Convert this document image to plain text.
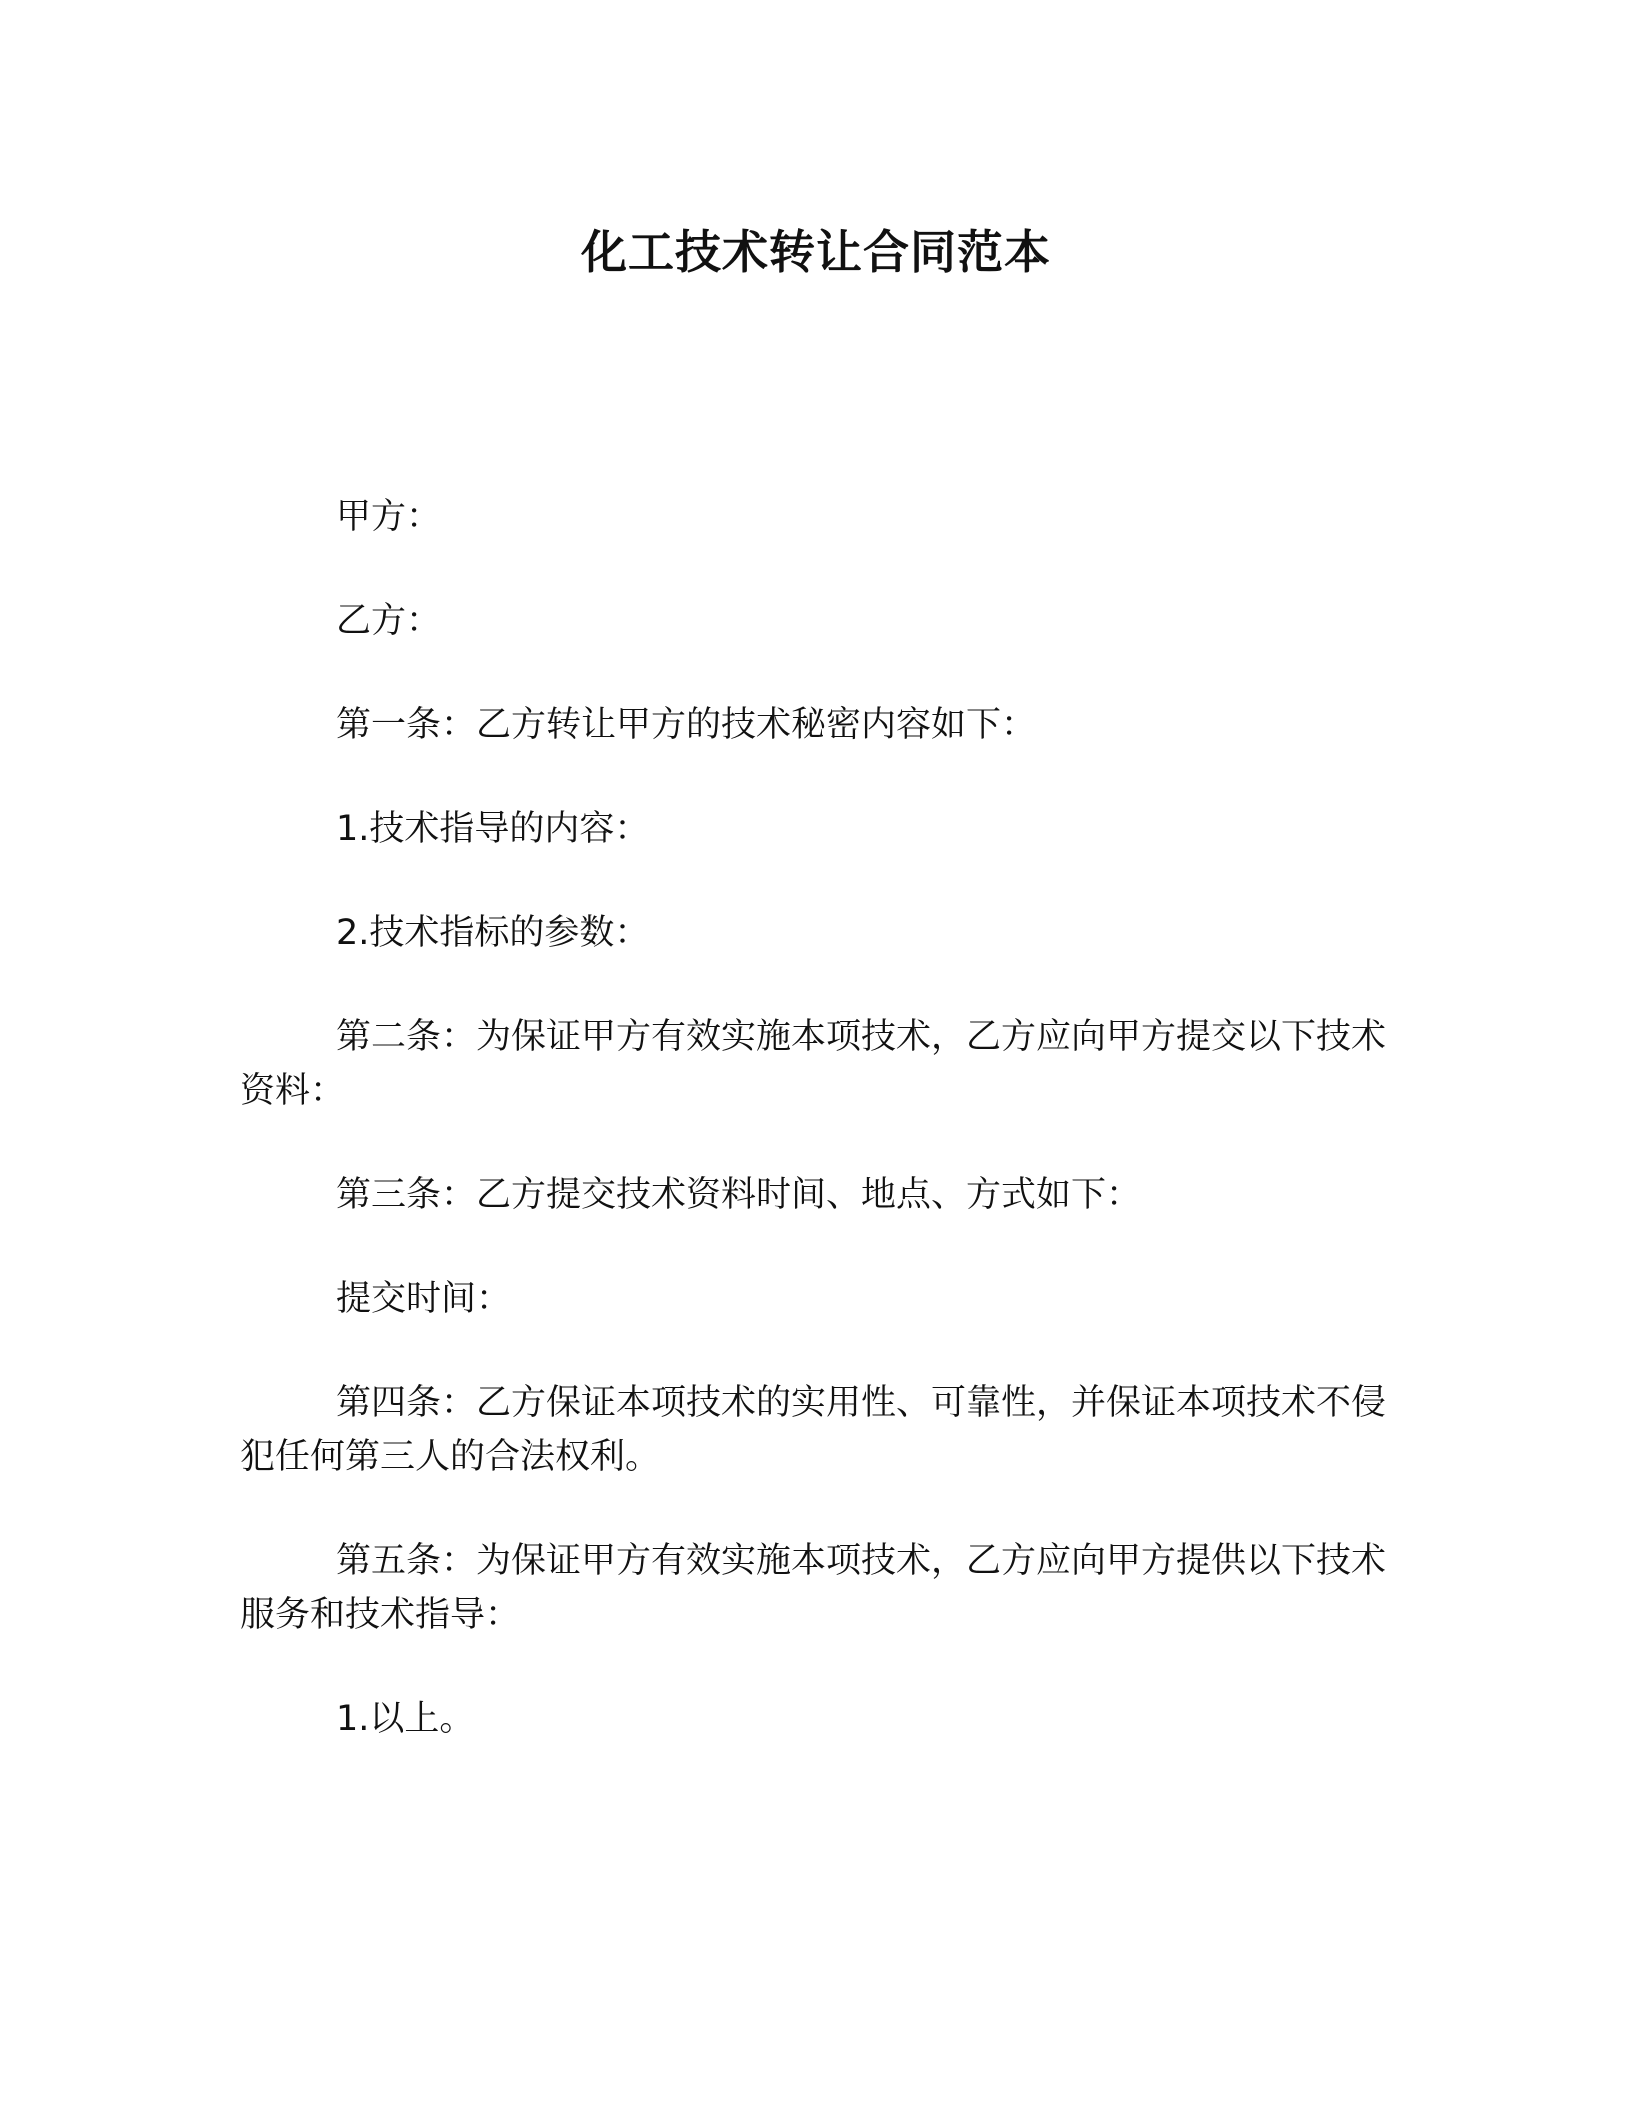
化工技术转让合同范本

甲方：

乙方：

第一条：乙方转让甲方的技术秘密内容如下：

1.技术指导的内容：

2.技术指标的参数：

第二条：为保证甲方有效实施本项技术，乙方应向甲方提交以下技术资料：

第三条：乙方提交技术资料时间、地点、方式如下：

提交时间：

第四条：乙方保证本项技术的实用性、可靠性，并保证本项技术不侵犯任何第三人的合法权利。

第五条：为保证甲方有效实施本项技术，乙方应向甲方提供以下技术服务和技术指导：

1.以上。
